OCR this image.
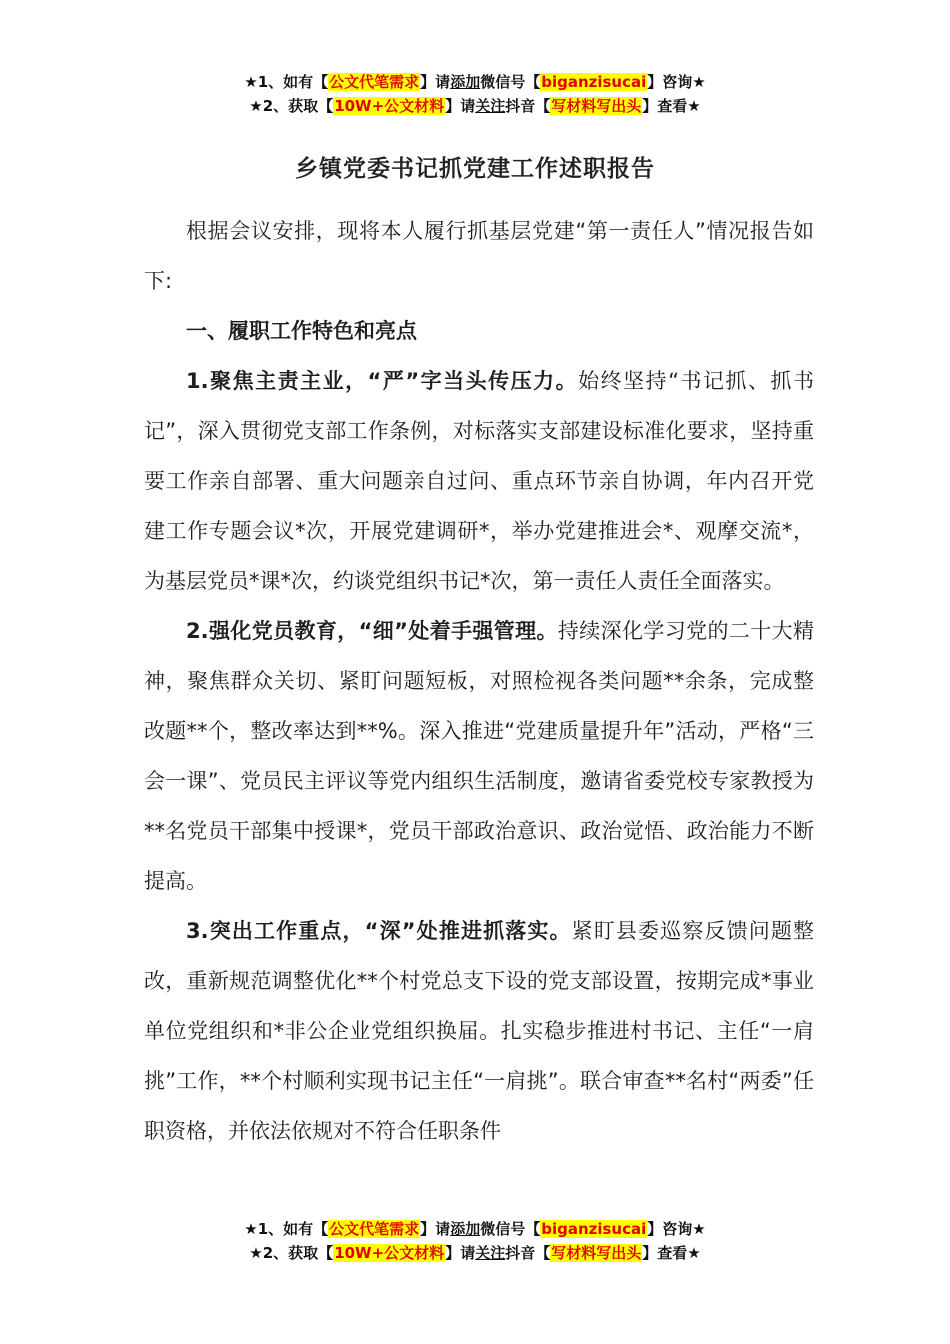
★1、如有【公文代笔需求】请添加微信号【biganzisucai】咨询★
★2、获取【10W+公文材料】请关注抖音【写材料写出头】查看★
乡镇党委书记抓党建工作述职报告

根据会议安排，现将本人履行抓基层党建“第一责任人”情况报告如下:

一、履职工作特色和亮点

1.聚焦主责主业，“严”字当头传压力。始终坚持“书记抓、抓书记”，深入贯彻党支部工作条例，对标落实支部建设标准化要求，坚持重要工作亲自部署、重大问题亲自过问、重点环节亲自协调，年内召开党建工作专题会议*次，开展党建调研*，举办党建推进会*、观摩交流*，为基层党员*课*次，约谈党组织书记*次，第一责任人责任全面落实。

2.强化党员教育，“细”处着手强管理。持续深化学习党的二十大精神，聚焦群众关切、紧盯问题短板，对照检视各类问题**余条，完成整改题**个，整改率达到**%。深入推进“党建质量提升年”活动，严格“三会一课”、党员民主评议等党内组织生活制度，邀请省委党校专家教授为**名党员干部集中授课*，党员干部政治意识、政治觉悟、政治能力不断提高。

3.突出工作重点，“深”处推进抓落实。紧盯县委巡察反馈问题整改，重新规范调整优化**个村党总支下设的党支部设置，按期完成*事业单位党组织和*非公企业党组织换届。扎实稳步推进村书记、主任“一肩挑”工作，**个村顺利实现书记主任“一肩挑”。联合审查**名村“两委”任职资格，并依法依规对不符合任职条件

★1、如有【公文代笔需求】请添加微信号【biganzisucai】咨询★
★2、获取【10W+公文材料】请关注抖音【写材料写出头】查看★
